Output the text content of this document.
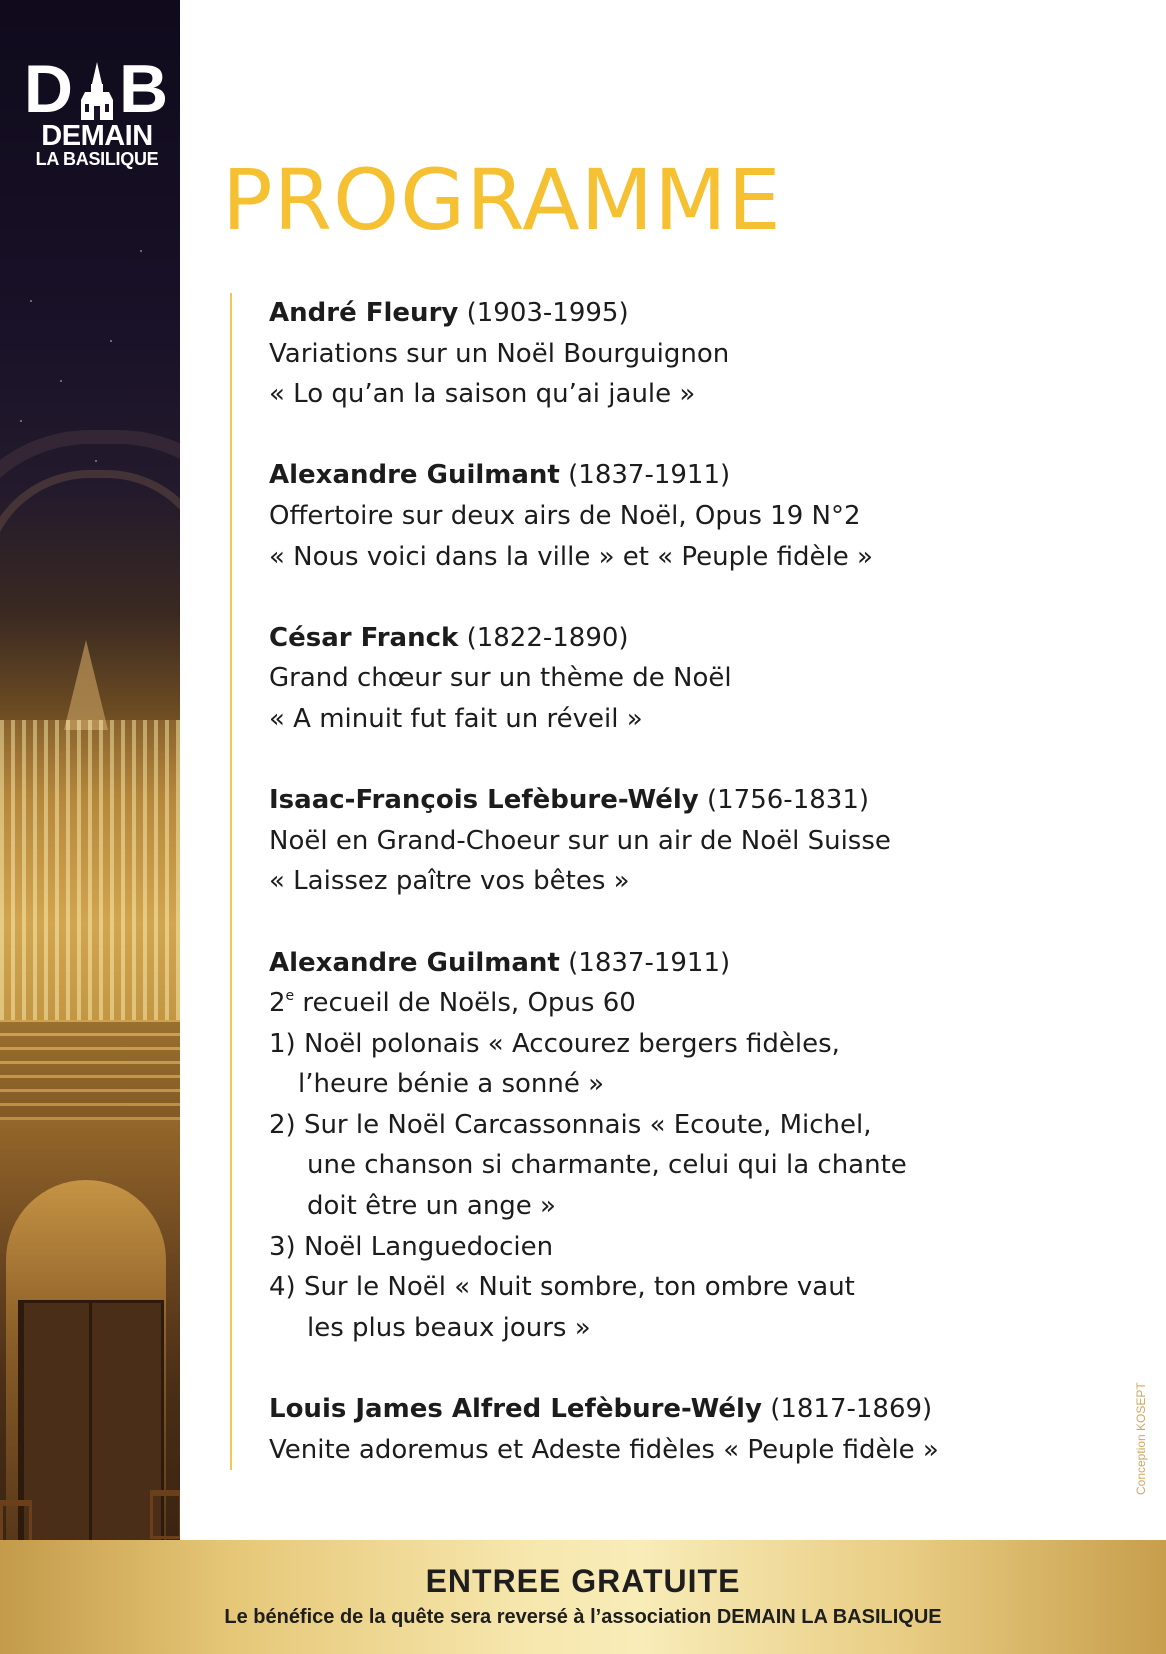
D B
DEMAIN
LA BASILIQUE PROGRAMME
André Fleury (1903-1995)
Variations sur un Noël Bourguignon
« Lo qu’an la saison qu’ai jaule »
Alexandre Guilmant (1837-1911)
Offertoire sur deux airs de Noël, Opus 19 N°2
« Nous voici dans la ville » et « Peuple fidèle »
César Franck (1822-1890)
Grand chœur sur un thème de Noël
« A minuit fut fait un réveil »
Isaac-François Lefèbure-Wély (1756-1831)
Noël en Grand-Choeur sur un air de Noël Suisse
« Laissez paître vos bêtes »
Alexandre Guilmant (1837-1911)
2e recueil de Noëls, Opus 60
1) Noël polonais « Accourez bergers fidèles,
l’heure bénie a sonné »
2) Sur le Noël Carcassonnais « Ecoute, Michel,
une chanson si charmante, celui qui la chante
doit être un ange »
3) Noël Languedocien
4) Sur le Noël « Nuit sombre, ton ombre vaut
les plus beaux jours »
Louis James Alfred Lefèbure-Wély (1817-1869)
Venite adoremus et Adeste fidèles « Peuple fidèle »	Conception KOSEPT
ENTREE GRATUITE
Le bénéfice de la quête sera reversé à l’association DEMAIN LA BASILIQUE
